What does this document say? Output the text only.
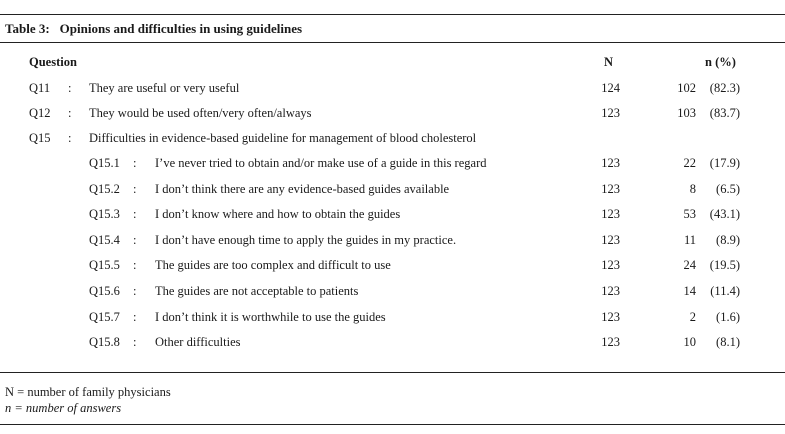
Table 3: Opinions and difficulties in using guidelines
Question	N	n (%)
Q11 : They are useful or very useful	124	102	(82.3)
Q12 : They would be used often/very often/always	123	103	(83.7)
Q15 : Difficulties in evidence-based guideline for management of blood cholesterol
Q15.1 : I’ve never tried to obtain and/or make use of a guide in this regard	123	22	(17.9)
Q15.2 : I don’t think there are any evidence-based guides available	123	8	(6.5)
Q15.3 : I don’t know where and how to obtain the guides	123	53	(43.1)
Q15.4 : I don’t have enough time to apply the guides in my practice.	123	11	(8.9)
Q15.5 : The guides are too complex and difficult to use	123	24	(19.5)
Q15.6 : The guides are not acceptable to patients	123	14	(11.4)
Q15.7 : I don’t think it is worthwhile to use the guides	123	2	(1.6)
Q15.8 : Other difficulties	123	10	(8.1)
N = number of family physicians
n = number of answers
